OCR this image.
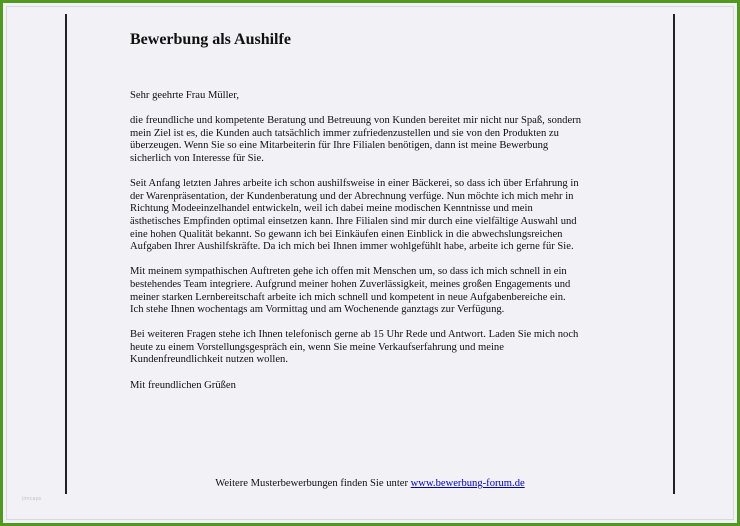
Bewerbung als Aushilfe

Sehr geehrte Frau Müller,

die freundliche und kompetente Beratung und Betreuung von Kunden bereitet mir nicht nur Spaß, sondern
mein Ziel ist es, die Kunden auch tatsächlich immer zufriedenzustellen und sie von den Produkten zu
überzeugen. Wenn Sie so eine Mitarbeiterin für Ihre Filialen benötigen, dann ist meine Bewerbung
sicherlich von Interesse für Sie.

Seit Anfang letzten Jahres arbeite ich schon aushilfsweise in einer Bäckerei, so dass ich über Erfahrung in
der Warenpräsentation, der Kundenberatung und der Abrechnung verfüge. Nun möchte ich mich mehr in
Richtung Modeeinzelhandel entwickeln, weil ich dabei meine modischen Kenntnisse und mein
ästhetisches Empfinden optimal einsetzen kann. Ihre Filialen sind mir durch eine vielfältige Auswahl und
eine hohen Qualität bekannt. So gewann ich bei Einkäufen einen Einblick in die abwechslungsreichen
Aufgaben Ihrer Aushilfskräfte. Da ich mich bei Ihnen immer wohlgefühlt habe, arbeite ich gerne für Sie.

Mit meinem sympathischen Auftreten gehe ich offen mit Menschen um, so dass ich mich schnell in ein
bestehendes Team integriere. Aufgrund meiner hohen Zuverlässigkeit, meines großen Engagements und
meiner starken Lernbereitschaft arbeite ich mich schnell und kompetent in neue Aufgabenbereiche ein.
Ich stehe Ihnen wochentags am Vormittag und am Wochenende ganztags zur Verfügung.

Bei weiteren Fragen stehe ich Ihnen telefonisch gerne ab 15 Uhr Rede und Antwort. Laden Sie mich noch
heute zu einem Vorstellungsgespräch ein, wenn Sie meine Verkaufserfahrung und meine
Kundenfreundlichkeit nutzen wollen.

Mit freundlichen Grüßen

Weitere Musterbewerbungen finden Sie unter www.bewerbung-forum.de
jimcaps
